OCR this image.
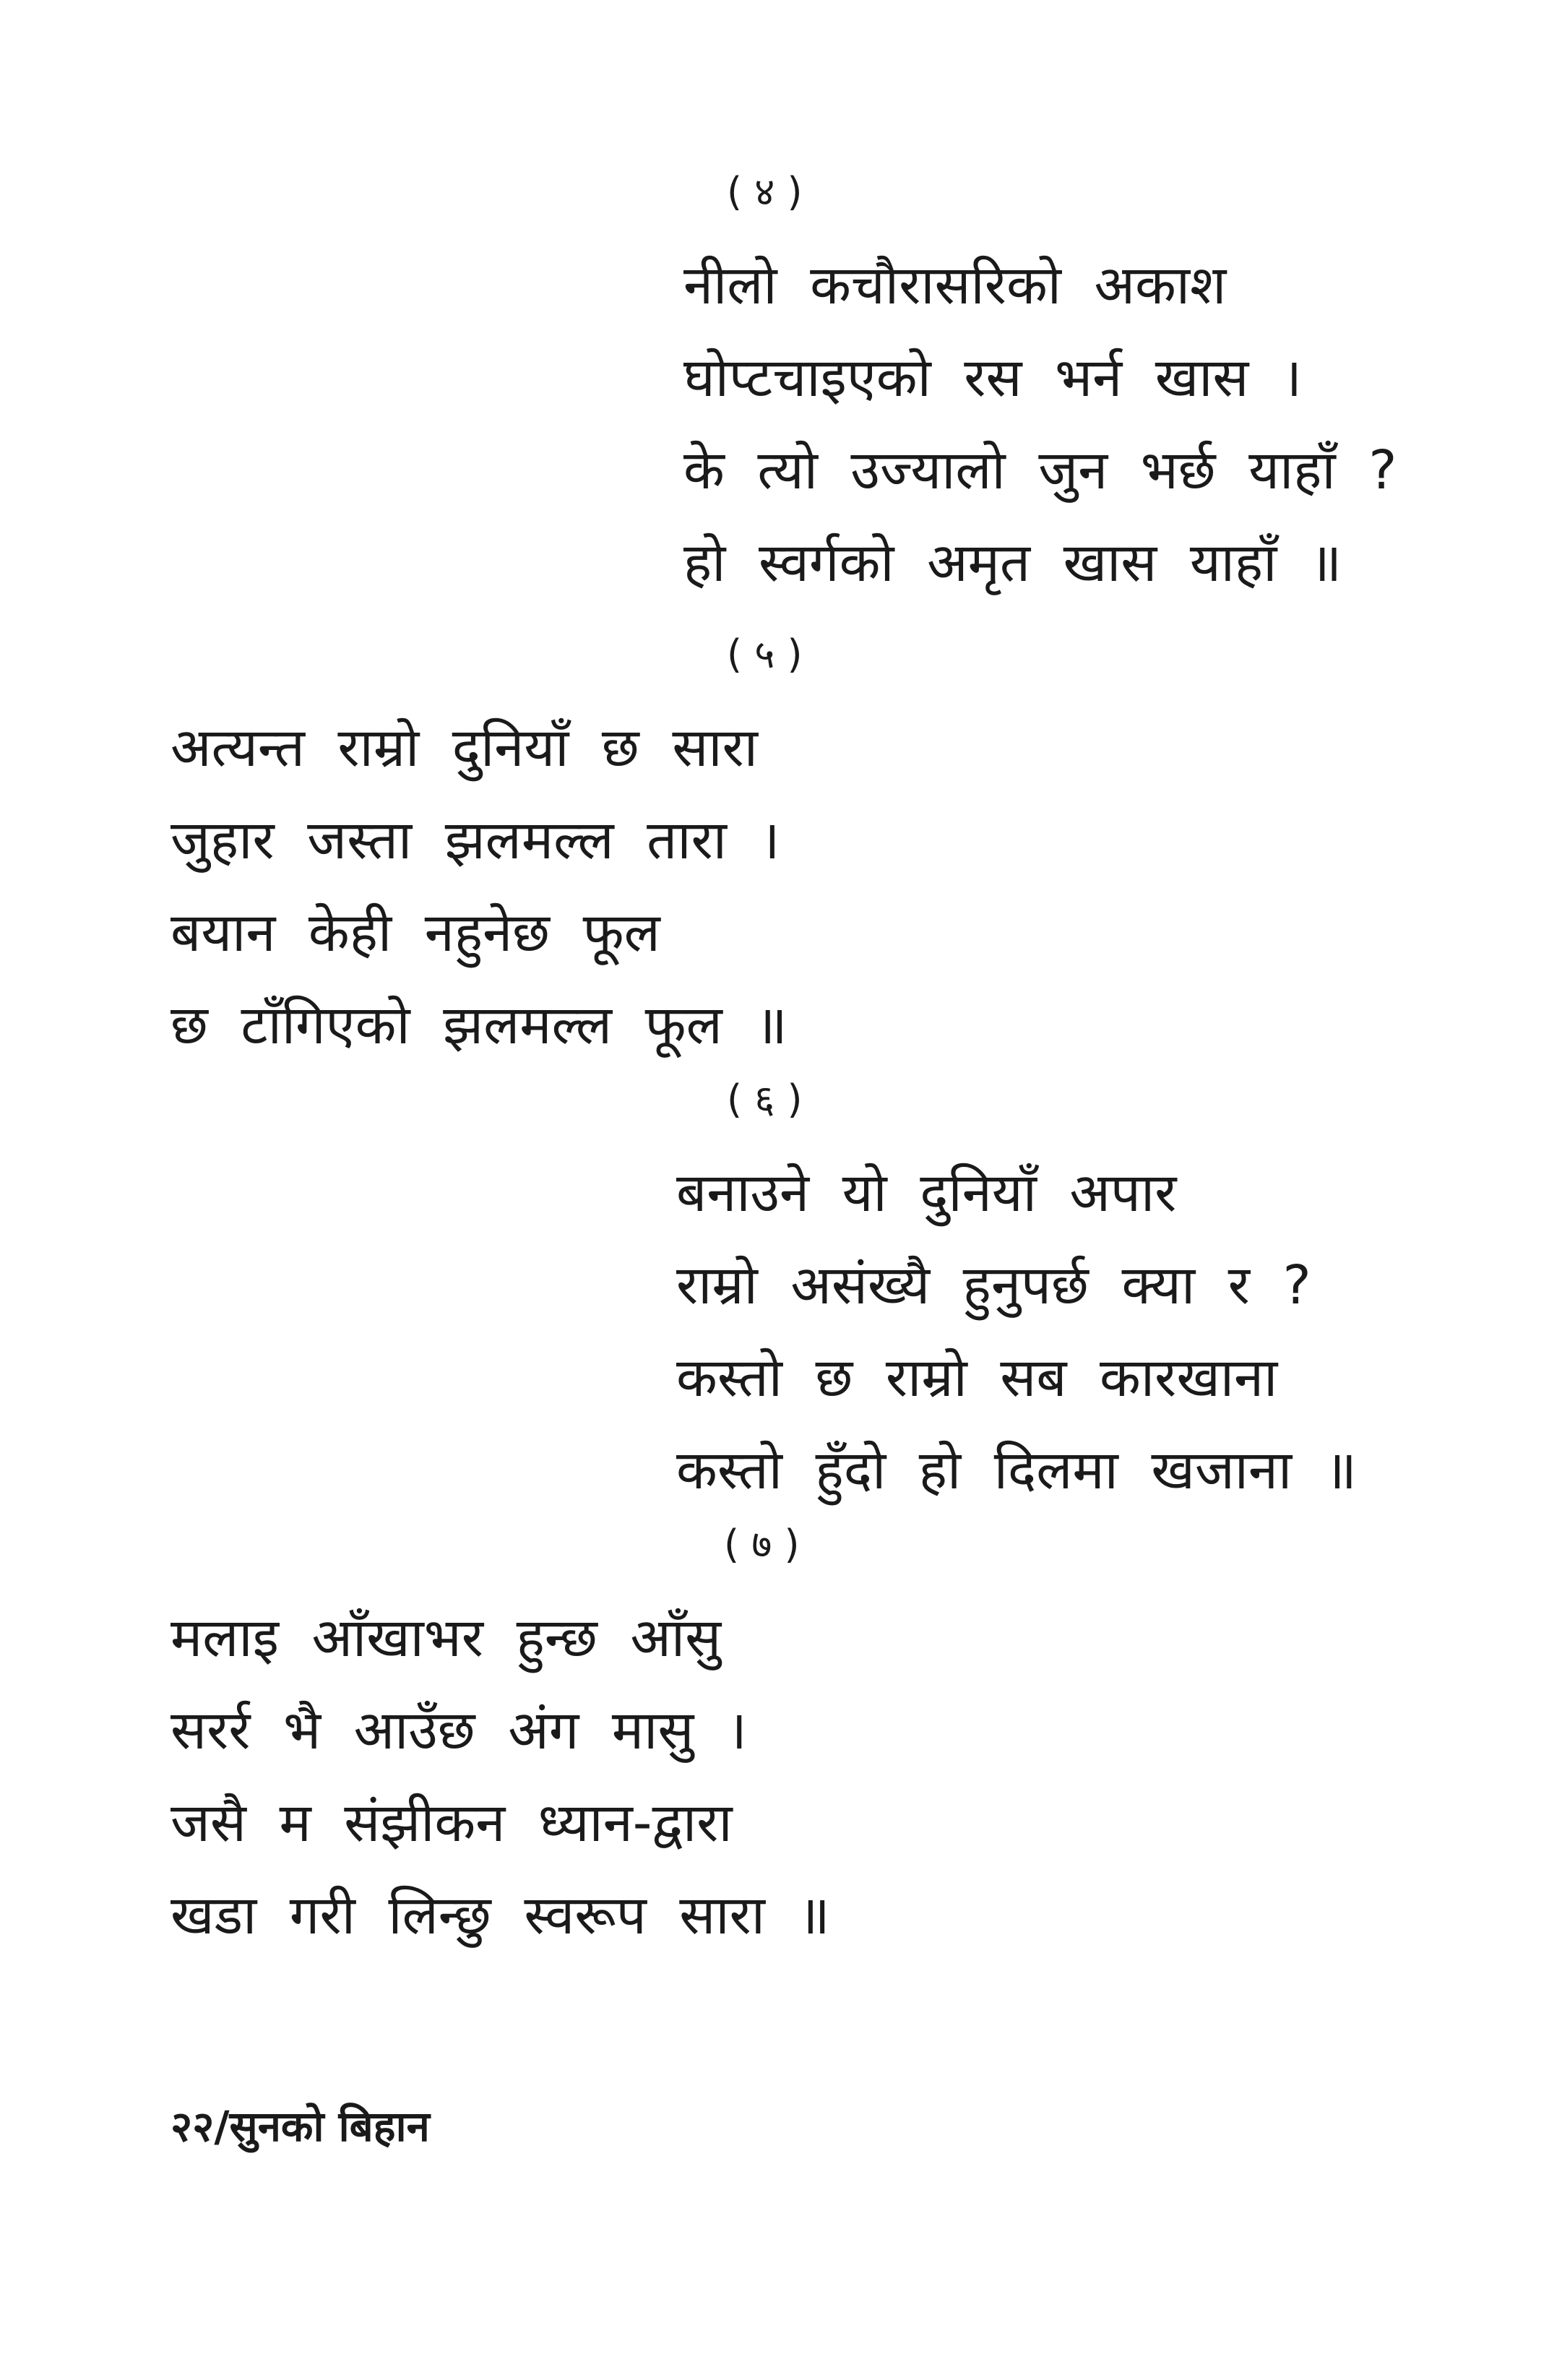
( ४ )
नीलो कचौरासरिको अकाश
घोप्टचाइएको रस भर्न खास ।
के त्यो उज्यालो जुन भर्छ याहाँ ?
हो स्वर्गको अमृत खास याहाँ ॥
( ५ )
अत्यन्त राम्रो दुनियाँ छ सारा
जुहार जस्ता झलमल्ल तारा ।
बयान केही नहुनेछ फूल
छ टाँगिएको झलमल्ल फूल ॥
( ६ )
बनाउने यो दुनियाँ अपार
राम्रो असंख्यै हुनुपर्छ क्या र ?
कस्तो छ राम्रो सब कारखाना
कस्तो हुँदो हो दिलमा खजाना ॥
( ७ )
मलाइ आँखाभर हुन्छ आँसु
सरर्र भै आउँछ अंग मासु ।
जसै म संझीकन ध्यान-द्वारा
खडा गरी लिन्छु स्वरूप सारा ॥
२२/सुनको बिहान
